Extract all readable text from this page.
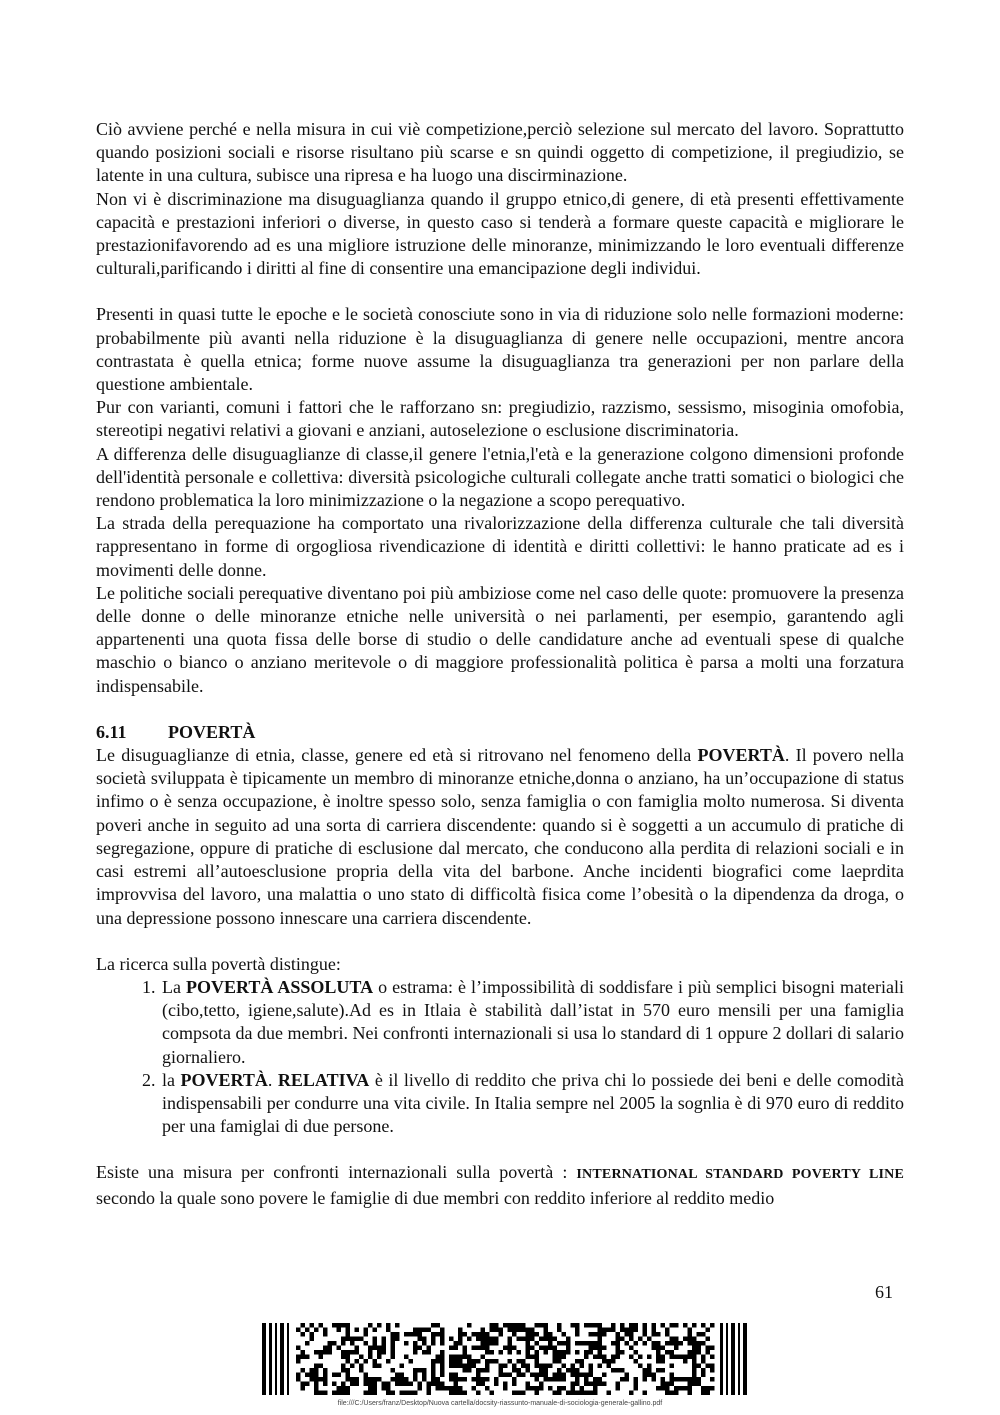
Ciò avviene perché e nella misura in cui viè competizione,perciò selezione sul mercato del lavoro. Soprattutto quando posizioni sociali e risorse risultano più scarse e sn quindi oggetto di competizione, il pregiudizio, se latente in una cultura, subisce una ripresa e ha luogo una discirminazione.

Non vi è discriminazione ma disuguaglianza quando il gruppo etnico,di genere, di età presenti effettivamente capacità e prestazioni inferiori o diverse, in questo caso si tenderà a formare queste capacità e migliorare le prestazionifavorendo ad es una migliore istruzione delle minoranze, minimizzando le loro eventuali differenze culturali,parificando i diritti al fine di consentire una emancipazione degli individui.

Presenti in quasi tutte le epoche e le società conosciute sono in via di riduzione solo nelle formazioni moderne: probabilmente più avanti nella riduzione è la disuguaglianza di genere nelle occupazioni, mentre ancora contrastata è quella etnica; forme nuove assume la disuguaglianza tra generazioni per non parlare della questione ambientale.

Pur con varianti, comuni i fattori che le rafforzano sn: pregiudizio, razzismo, sessismo, misoginia omofobia, stereotipi negativi relativi a giovani e anziani, autoselezione o esclusione discriminatoria.

A differenza delle disuguaglianze di classe,il genere l'etnia,l'età e la generazione colgono dimensioni profonde dell'identità personale e collettiva: diversità psicologiche culturali collegate anche tratti somatici o biologici che rendono problematica la loro minimizzazione o la negazione a scopo perequativo.

La strada della perequazione ha comportato una rivalorizzazione della differenza culturale che tali diversità rappresentano in forme di orgogliosa rivendicazione di identità e diritti collettivi: le hanno praticate ad es i movimenti delle donne.

Le politiche sociali perequative diventano poi più ambiziose come nel caso delle quote: promuovere la presenza delle donne o delle minoranze etniche nelle università o nei parlamenti, per esempio, garantendo agli appartenenti una quota fissa delle borse di studio o delle candidature anche ad eventuali spese di qualche maschio o bianco o anziano meritevole o di maggiore professionalità politica è parsa a molti una forzatura indispensabile.

6.11 POVERTÀ

Le disuguaglianze di etnia, classe, genere ed età si ritrovano nel fenomeno della POVERTÀ. Il povero nella società sviluppata è tipicamente un membro di minoranze etniche,donna o anziano, ha un’occupazione di status infimo o è senza occupazione, è inoltre spesso solo, senza famiglia o con famiglia molto numerosa. Si diventa poveri anche in seguito ad una sorta di carriera discendente: quando si è soggetti a un accumulo di pratiche di segregazione, oppure di pratiche di esclusione dal mercato, che conducono alla perdita di relazioni sociali e in casi estremi all’autoesclusione propria della vita del barbone. Anche incidenti biografici come laeprdita improvvisa del lavoro, una malattia o uno stato di difficoltà fisica come l’obesità o la dipendenza da droga, o una depressione possono innescare una carriera discendente.

La ricerca sulla povertà distingue:

1. La POVERTÀ ASSOLUTA o estrama: è l’impossibilità di soddisfare i più semplici bisogni materiali (cibo,tetto, igiene,salute).Ad es in Itlaia è stabilità dall’istat in 570 euro mensili per una famiglia compsota da due membri. Nei confronti internazionali si usa lo standard di 1 oppure 2 dollari di salario giornaliero.
2. la POVERTÀ. RELATIVA è il livello di reddito che priva chi lo possiede dei beni e delle comodità indispensabili per condurre una vita civile. In Italia sempre nel 2005 la sognlia è di 970 euro di reddito per una famiglai di due persone.

Esiste una misura per confronti internazionali sulla povertà : INTERNATIONAL STANDARD POVERTY LINE secondo la quale sono povere le famiglie di due membri con reddito inferiore al reddito medio

61
file:///C:/Users/franz/Desktop/Nuova cartella/docsity-riassunto-manuale-di-sociologia-generale-gallino.pdf
